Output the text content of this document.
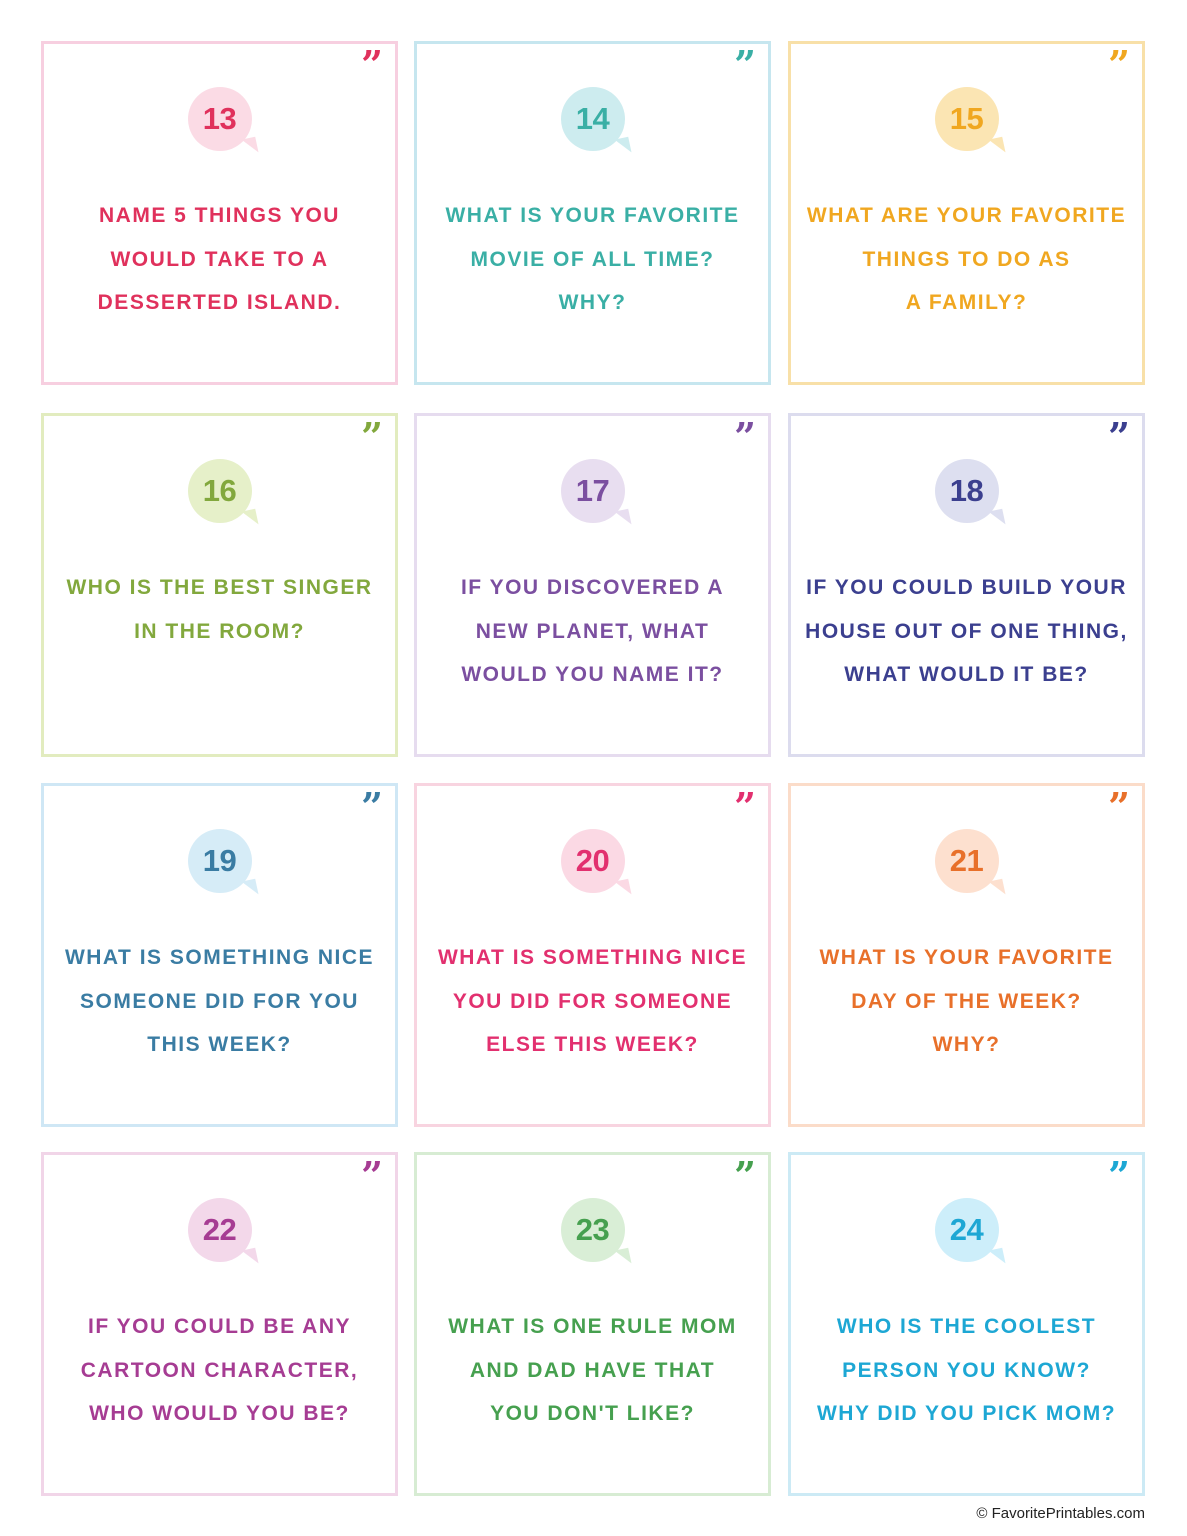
”
13
NAME 5 THINGS YOU
WOULD TAKE TO A
DESSERTED ISLAND.
”
14
WHAT IS YOUR FAVORITE
MOVIE OF ALL TIME?
WHY?
”
15
WHAT ARE YOUR FAVORITE
THINGS TO DO AS
A FAMILY?
”
16
WHO IS THE BEST SINGER
IN THE ROOM?
”
17
IF YOU DISCOVERED A
NEW PLANET, WHAT
WOULD YOU NAME IT?
”
18
IF YOU COULD BUILD YOUR
HOUSE OUT OF ONE THING,
WHAT WOULD IT BE?
”
19
WHAT IS SOMETHING NICE
SOMEONE DID FOR YOU
THIS WEEK?
”
20
WHAT IS SOMETHING NICE
YOU DID FOR SOMEONE
ELSE THIS WEEK?
”
21
WHAT IS YOUR FAVORITE
DAY OF THE WEEK?
WHY?
”
22
IF YOU COULD BE ANY
CARTOON CHARACTER,
WHO WOULD YOU BE?
”
23
WHAT IS ONE RULE MOM
AND DAD HAVE THAT
YOU DON'T LIKE?
”
24
WHO IS THE COOLEST
PERSON YOU KNOW?
WHY DID YOU PICK MOM?
© FavoritePrintables.com
